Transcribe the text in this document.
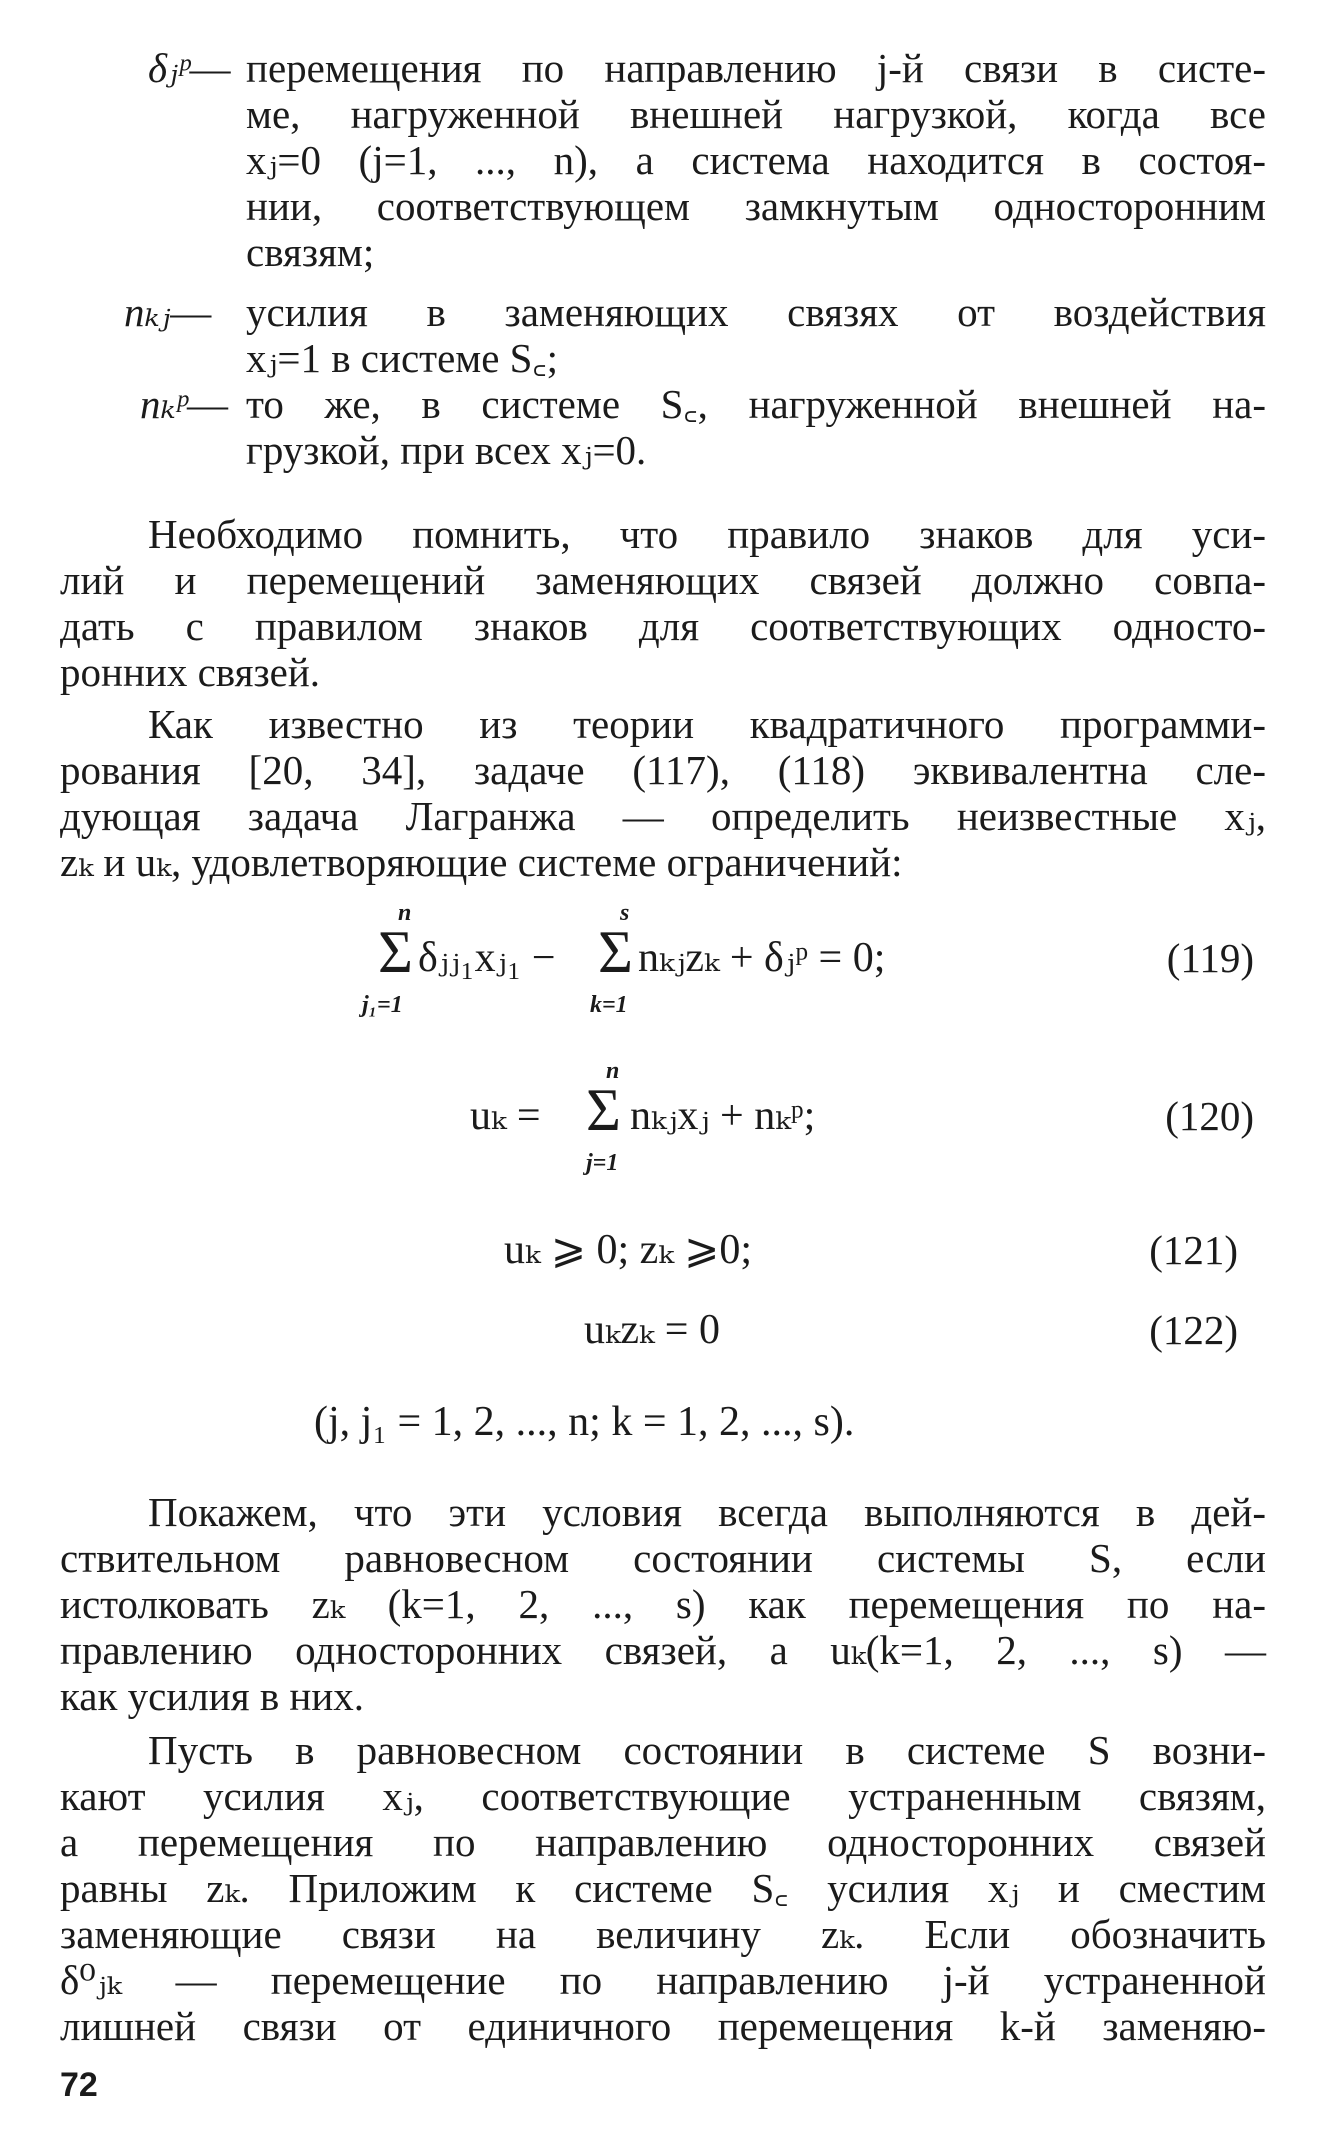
δⱼᵖ— перемещения по направлению j-й связи в систе-
ме, нагруженной внешней нагрузкой, когда все
xⱼ=0 (j=1, ..., n), а система находится в состоя-
нии, соответствующем замкнутым односторонним
связям;
nₖⱼ— усилия в заменяющих связях от воздействия
xⱼ=1 в системе S꜀;
nₖᵖ— то же, в системе S꜀, нагруженной внешней на-
грузкой, при всех xⱼ=0.
Необходимо помнить, что правило знаков для уси-
лий и перемещений заменяющих связей должно совпа-
дать с правилом знаков для соответствующих односто-
ронних связей.
Как известно из теории квадратичного программи-
рования [20, 34], задаче (117), (118) эквивалентна сле-
дующая задача Лагранжа — определить неизвестные xⱼ,
zₖ и uₖ, удовлетворяющие системе ограничений:
n
Σ
j₁=1
δⱼⱼ₁xⱼ₁ −
s
Σ
k=1
nₖⱼzₖ + δⱼᵖ = 0;	(119)
uₖ =
n
Σ
j=1
nₖⱼxⱼ + nₖᵖ;	(120)
uₖ ⩾ 0; zₖ ⩾0;	(121)
uₖzₖ = 0	(122)
(j, j₁ = 1, 2, ..., n; k = 1, 2, ..., s).
Покажем, что эти условия всегда выполняются в дей-
ствительном равновесном состоянии системы S, если
истолковать zₖ (k=1, 2, ..., s) как перемещения по на-
правлению односторонних связей, а uₖ(k=1, 2, ..., s) —
как усилия в них.
Пусть в равновесном состоянии в системе S возни-
кают усилия xⱼ, соответствующие устраненным связям,
а перемещения по направлению односторонних связей
равны zₖ. Приложим к системе S꜀ усилия xⱼ и сместим
заменяющие связи на величину zₖ. Если обозначить
δ⁰ⱼₖ — перемещение по направлению j-й устраненной
лишней связи от единичного перемещения k-й заменяю-
72
